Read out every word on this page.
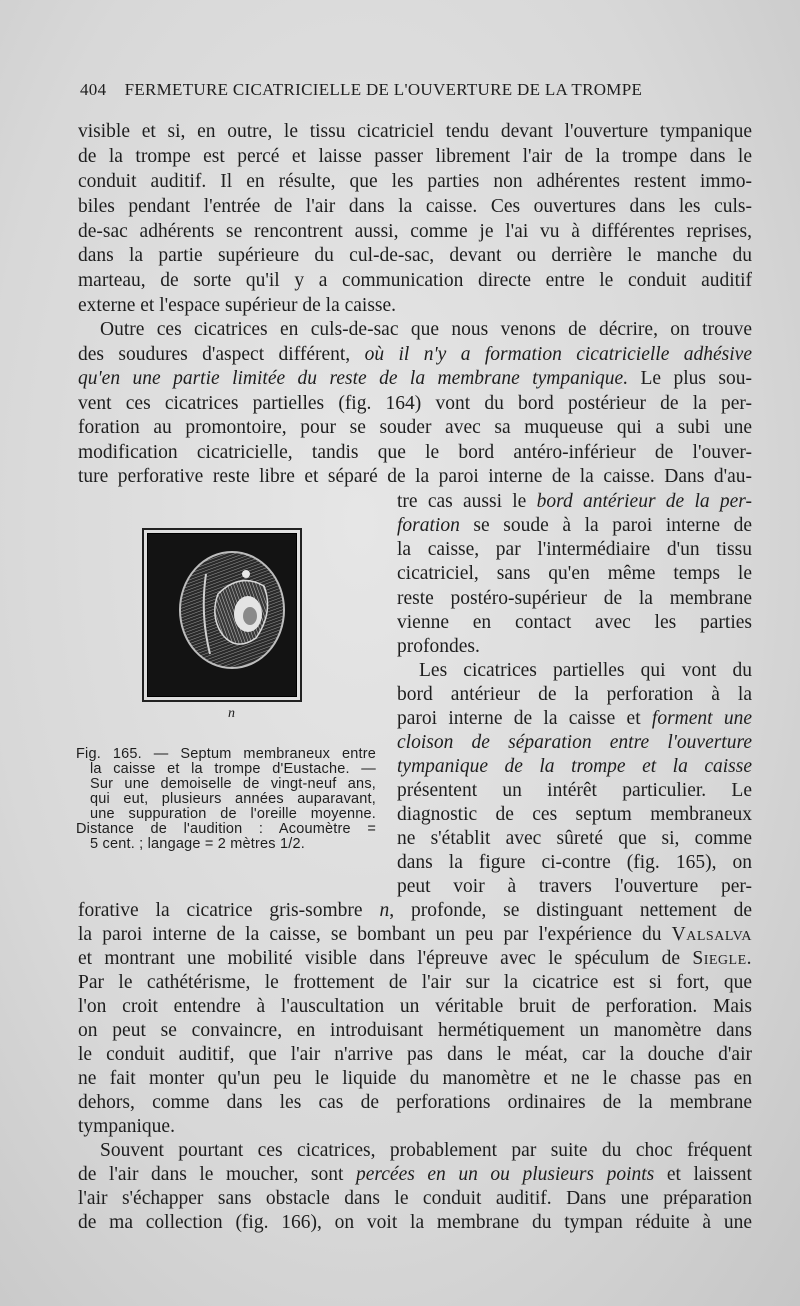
404 FERMETURE CICATRICIELLE DE L'OUVERTURE DE LA TROMPE
visible et si, en outre, le tissu cicatriciel tendu devant l'ouverture tympanique
de la trompe est percé et laisse passer librement l'air de la trompe dans le
conduit auditif. Il en résulte, que les parties non adhérentes restent immo-
biles pendant l'entrée de l'air dans la caisse. Ces ouvertures dans les culs-
de-sac adhérents se rencontrent aussi, comme je l'ai vu à différentes reprises,
dans la partie supérieure du cul-de-sac, devant ou derrière le manche du
marteau, de sorte qu'il y a communication directe entre le conduit auditif
externe et l'espace supérieur de la caisse.
Outre ces cicatrices en culs-de-sac que nous venons de décrire, on trouve
des soudures d'aspect différent, où il n'y a formation cicatricielle adhésive
qu'en une partie limitée du reste de la membrane tympanique. Le plus sou-
vent ces cicatrices partielles (fig. 164) vont du bord postérieur de la per-
foration au promontoire, pour se souder avec sa muqueuse qui a subi une
modification cicatricielle, tandis que le bord antéro-inférieur de l'ouver-
ture perforative reste libre et séparé de la paroi interne de la caisse. Dans d'au-
tre cas aussi le bord antérieur de la per-
foration se soude à la paroi interne de
la caisse, par l'intermédiaire d'un tissu
cicatriciel, sans qu'en même temps le
reste postéro-supérieur de la membrane
vienne en contact avec les parties
profondes.
Les cicatrices partielles qui vont du
bord antérieur de la perforation à la
paroi interne de la caisse et forment une
cloison de séparation entre l'ouverture
tympanique de la trompe et la caisse
présentent un intérêt particulier. Le
diagnostic de ces septum membraneux
ne s'établit avec sûreté que si, comme
dans la figure ci-contre (fig. 165), on
peut voir à travers l'ouverture per-
forative la cicatrice gris-sombre n, profonde, se distinguant nettement de
la paroi interne de la caisse, se bombant un peu par l'expérience du Valsalva
et montrant une mobilité visible dans l'épreuve avec le spéculum de Siegle.
Par le cathétérisme, le frottement de l'air sur la cicatrice est si fort, que
l'on croit entendre à l'auscultation un véritable bruit de perforation. Mais
on peut se convaincre, en introduisant hermétiquement un manomètre dans
le conduit auditif, que l'air n'arrive pas dans le méat, car la douche d'air
ne fait monter qu'un peu le liquide du manomètre et ne le chasse pas en
dehors, comme dans les cas de perforations ordinaires de la membrane
tympanique.
Souvent pourtant ces cicatrices, probablement par suite du choc fréquent
de l'air dans le moucher, sont percées en un ou plusieurs points et laissent
l'air s'échapper sans obstacle dans le conduit auditif. Dans une préparation
de ma collection (fig. 166), on voit la membrane du tympan réduite à une
n
Fig. 165. — Septum membraneux entre
la caisse et la trompe d'Eustache. —
Sur une demoiselle de vingt-neuf ans,
qui eut, plusieurs années auparavant,
une suppuration de l'oreille moyenne.
Distance de l'audition : Acoumètre =
5 cent. ; langage = 2 mètres 1/2.
